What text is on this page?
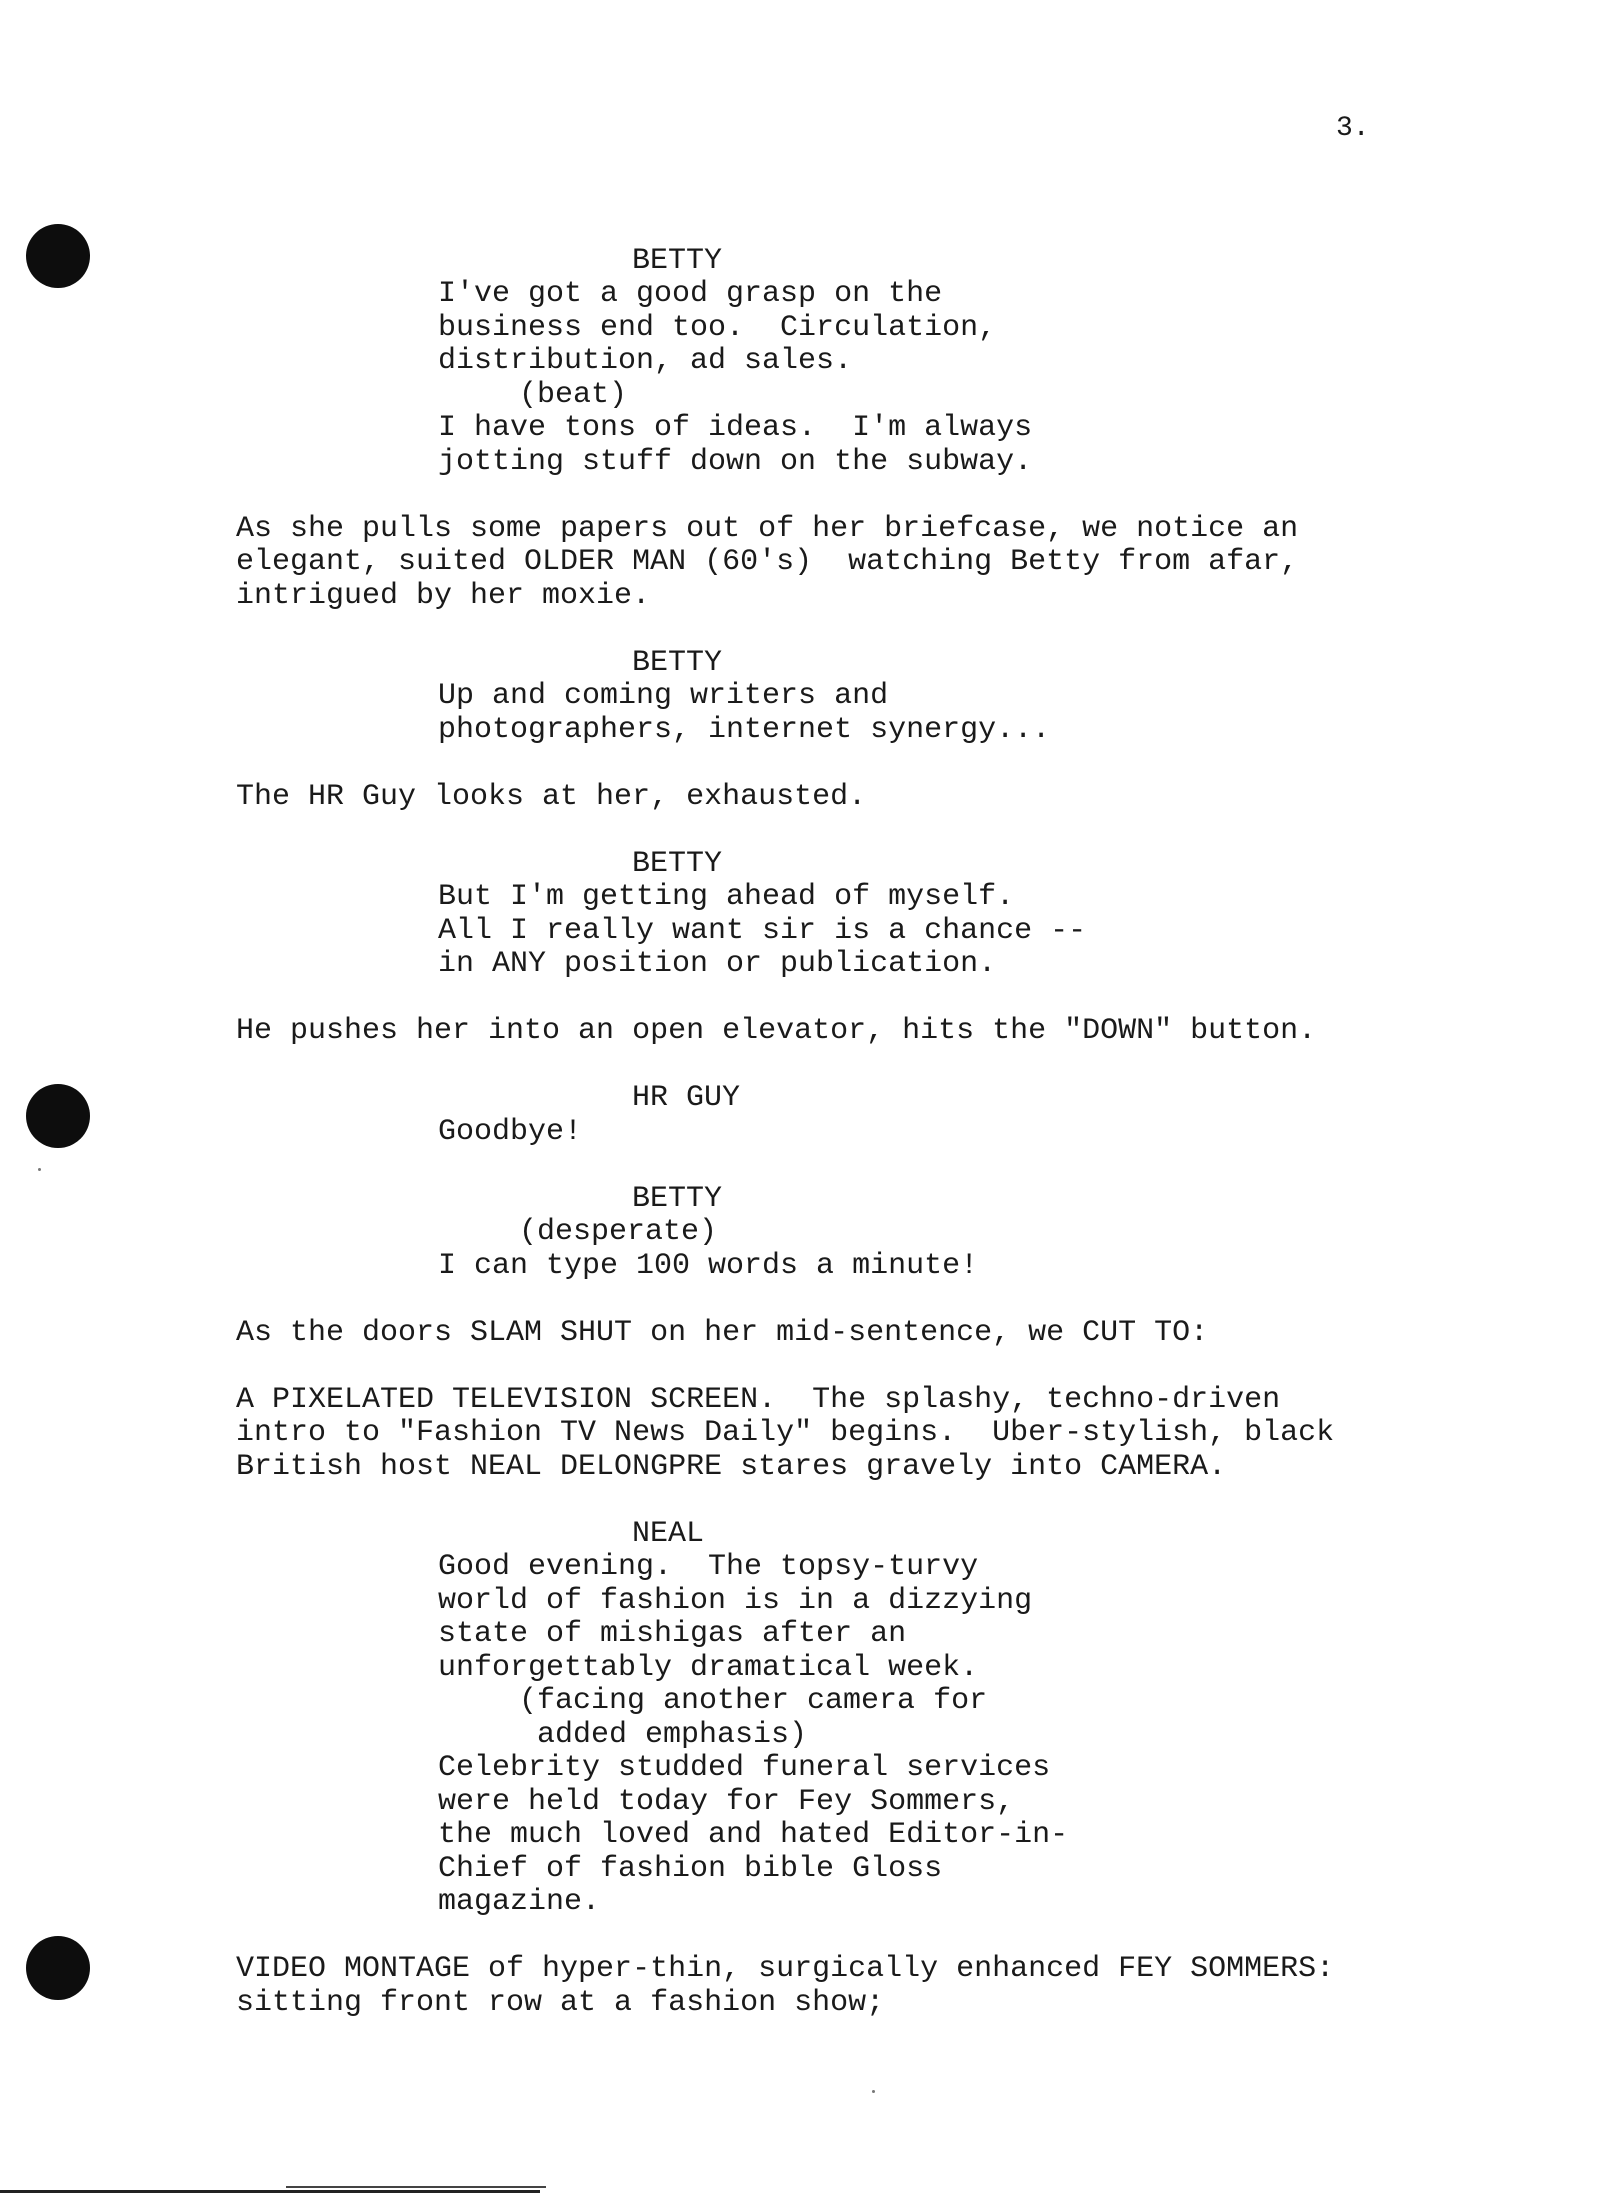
3.
BETTY
I've got a good grasp on the
business end too.  Circulation,
distribution, ad sales.
(beat)
I have tons of ideas.  I'm always
jotting stuff down on the subway.
As she pulls some papers out of her briefcase, we notice an
elegant, suited OLDER MAN (60's)  watching Betty from afar,
intrigued by her moxie.
BETTY
Up and coming writers and
photographers, internet synergy...
The HR Guy looks at her, exhausted.
BETTY
But I'm getting ahead of myself.
All I really want sir is a chance --
in ANY position or publication.
He pushes her into an open elevator, hits the "DOWN" button.
HR GUY
Goodbye!
BETTY
(desperate)
I can type 100 words a minute!
As the doors SLAM SHUT on her mid-sentence, we CUT TO:
A PIXELATED TELEVISION SCREEN.  The splashy, techno-driven
intro to "Fashion TV News Daily" begins.  Uber-stylish, black
British host NEAL DELONGPRE stares gravely into CAMERA.
NEAL
Good evening.  The topsy-turvy
world of fashion is in a dizzying
state of mishigas after an
unforgettably dramatical week.
(facing another camera for
added emphasis)
Celebrity studded funeral services
were held today for Fey Sommers,
the much loved and hated Editor-in-
Chief of fashion bible Gloss
magazine.
VIDEO MONTAGE of hyper-thin, surgically enhanced FEY SOMMERS:
sitting front row at a fashion show;
